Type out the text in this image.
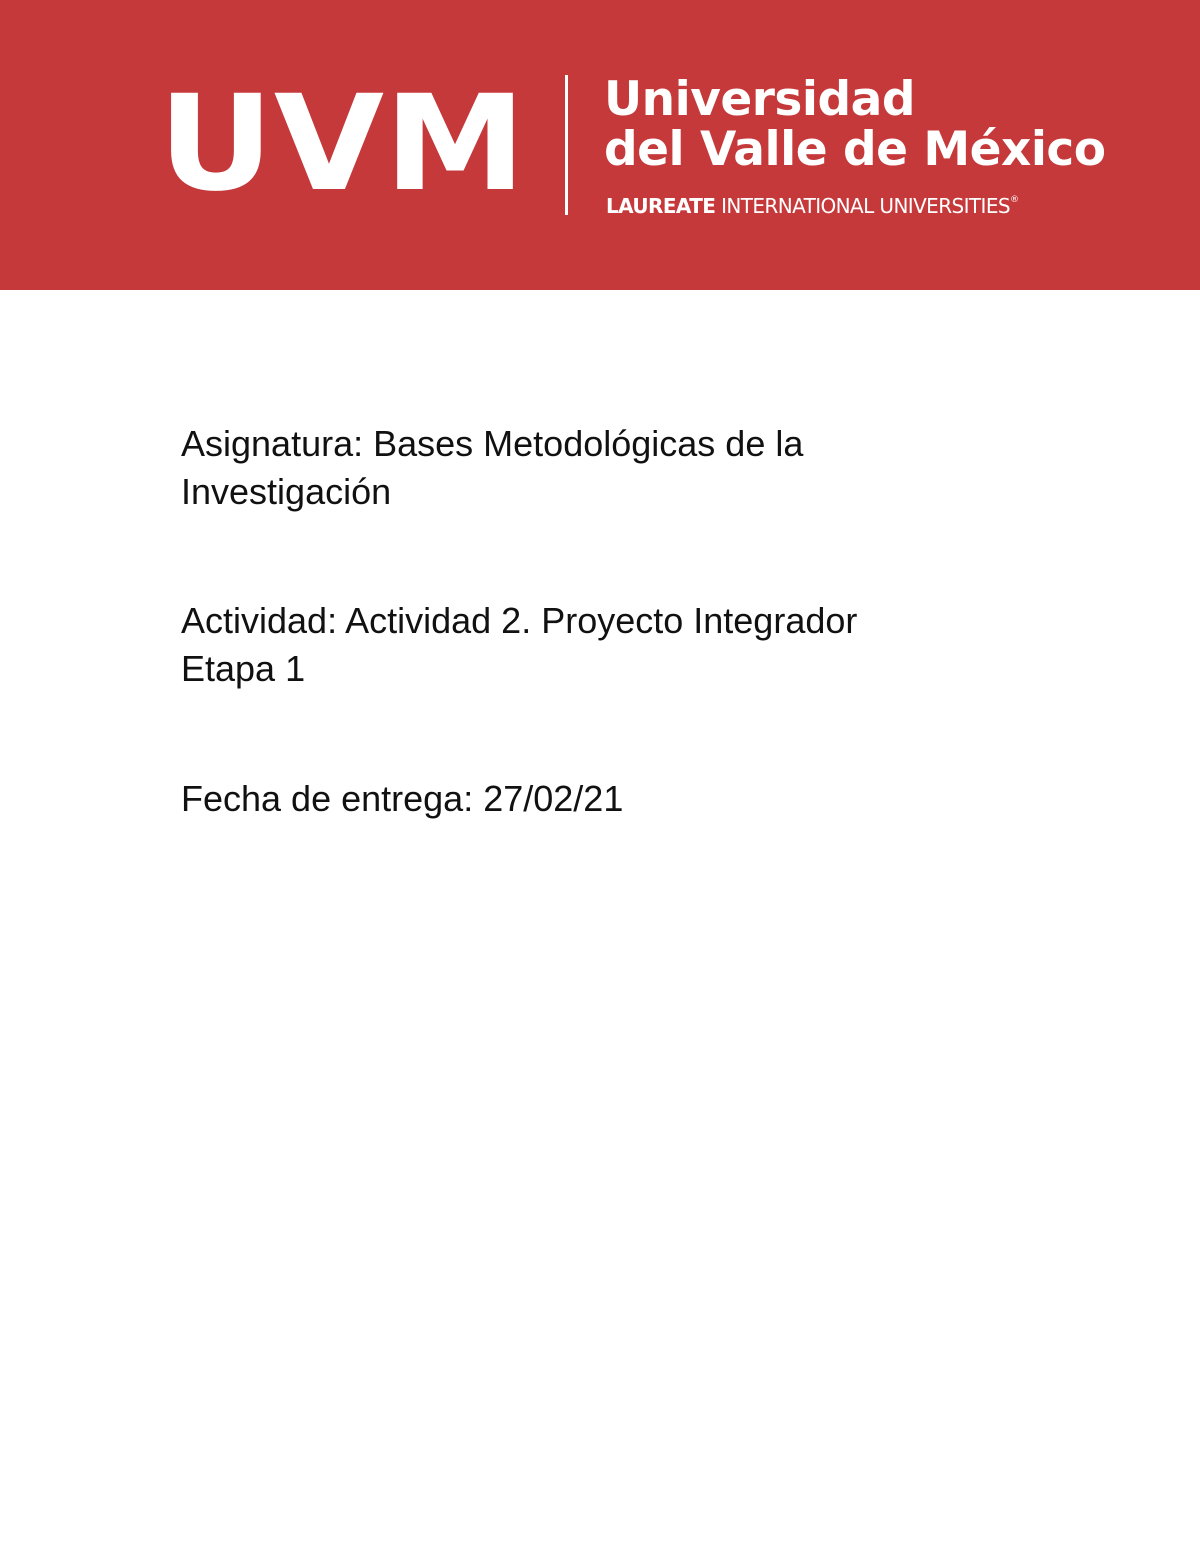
UVM Universidad
del Valle de México
LAUREATE INTERNATIONAL UNIVERSITIES®
Asignatura: Bases Metodológicas de la
Investigación
Actividad: Actividad 2. Proyecto Integrador
Etapa 1
Fecha de entrega: 27/02/21
